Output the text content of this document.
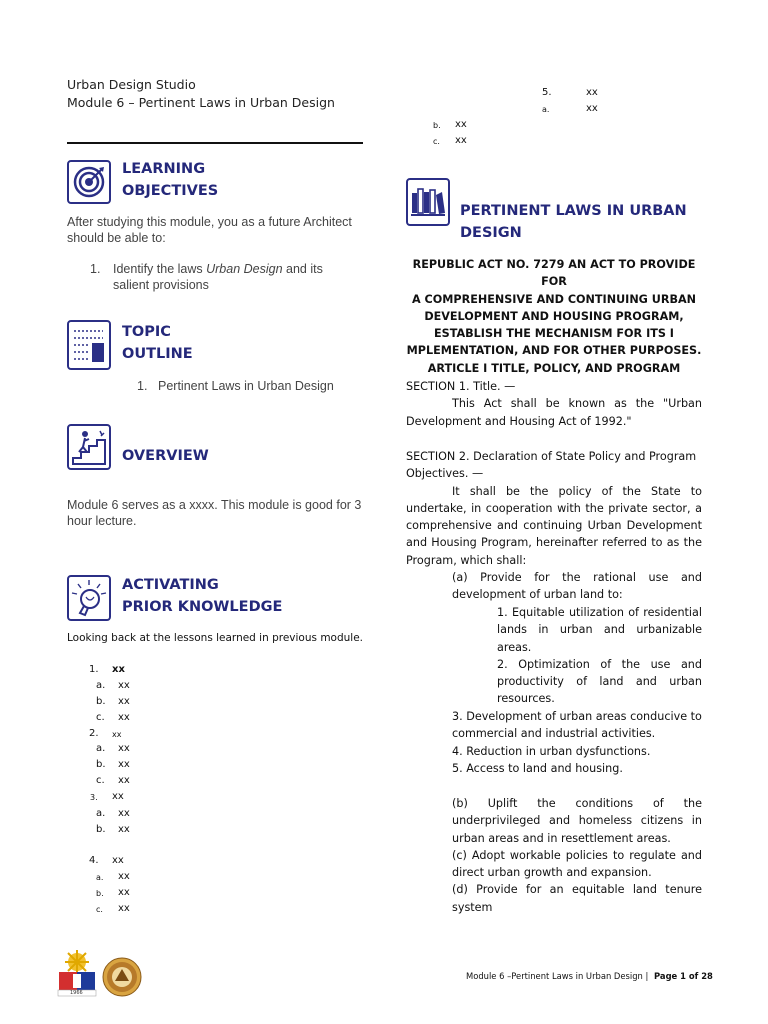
Urban Design Studio
Module 6 – Pertinent Laws in Urban Design
LEARNING
OBJECTIVES
After studying this module, you as a future Architect
should be able to:
1. Identify the laws Urban Design and its
salient provisions
TOPIC
OUTLINE
1. Pertinent Laws in Urban Design
OVERVIEW
Module 6 serves as a xxxx. This module is good for 3
hour lecture.
ACTIVATING
PRIOR KNOWLEDGE
Looking back at the lessons learned in previous module.
1. xx
a. xx
b. xx
c. xx
2. xx
a. xx
b. xx
c. xx
3. xx
a. xx
b. xx
4. xx
a. xx
b. xx
c. xx
5.	xx
a.	xx
b. xx
c. xx
PERTINENT LAWS IN URBAN
DESIGN
REPUBLIC ACT NO. 7279 AN ACT TO PROVIDE FOR
A COMPREHENSIVE AND CONTINUING URBAN
DEVELOPMENT AND HOUSING PROGRAM,
ESTABLISH THE MECHANISM FOR ITS I
MPLEMENTATION, AND FOR OTHER PURPOSES.
ARTICLE I TITLE, POLICY, AND PROGRAM
SECTION 1. Title. —
This Act shall be known as the "Urban
Development and Housing Act of 1992."
SECTION 2. Declaration of State Policy and Program
Objectives. —
It shall be the policy of the State to
undertake, in cooperation with the private sector, a
comprehensive and continuing Urban Development
and Housing Program, hereinafter referred to as the
Program, which shall:
(a) Provide for the rational use and
development of urban land to:
1. Equitable utilization of residential
lands in urban and urbanizable
areas.
2. Optimization of the use and
productivity of land and urban
resources.
3. Development of urban areas conducive to
commercial and industrial activities.
4. Reduction in urban dysfunctions.
5. Access to land and housing.
(b) Uplift the conditions of the
underprivileged and homeless citizens in
urban areas and in resettlement areas.
(c) Adopt workable policies to regulate and
direct urban growth and expansion.
(d) Provide for an equitable land tenure
system
1966
Module 6 –Pertinent Laws in Urban Design | Page 1 of 28
